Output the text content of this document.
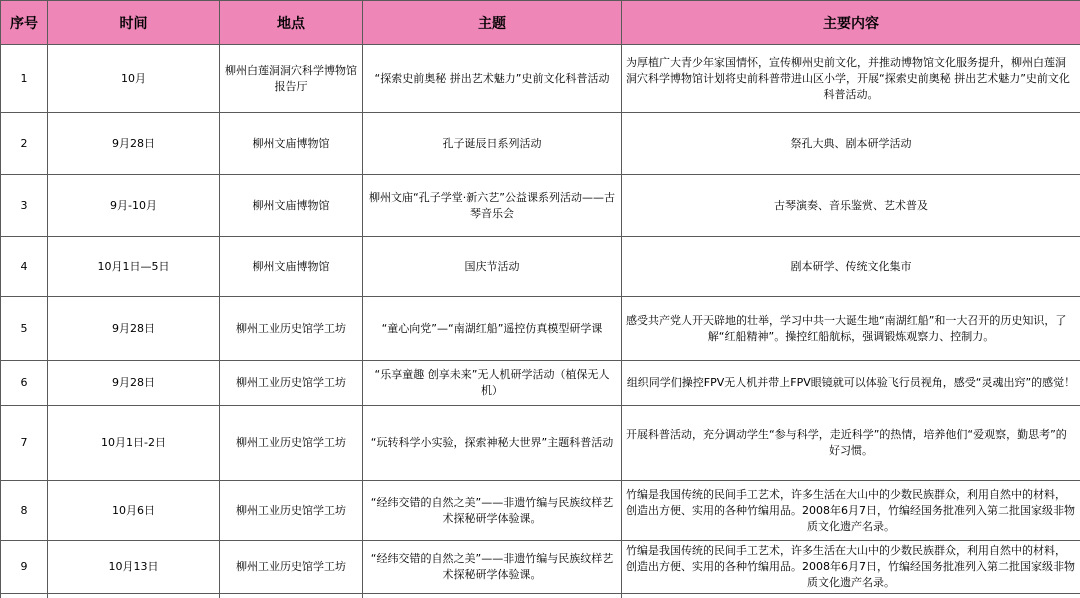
序号	时间	地点	主题	主要内容
1	10月	柳州白莲洞洞穴科学博物馆报告厅	“探索史前奥秘 拼出艺术魅力”史前文化科普活动	为厚植广大青少年家国情怀，宣传柳州史前文化，并推动博物馆文化服务提升，柳州白莲洞洞穴科学博物馆计划将史前科普带进山区小学，开展“探索史前奥秘 拼出艺术魅力”史前文化科普活动。
2	9月28日	柳州文庙博物馆	孔子诞辰日系列活动	祭孔大典、剧本研学活动
3	9月-10月	柳州文庙博物馆	柳州文庙“孔子学堂·新六艺”公益课系列活动——古琴音乐会	古琴演奏、音乐鉴赏、艺术普及
4	10月1日—5日	柳州文庙博物馆	国庆节活动	剧本研学、传统文化集市
5	9月28日	柳州工业历史馆学工坊	“童心向党”—“南湖红船”遥控仿真模型研学课	感受共产党人开天辟地的壮举，学习中共一大诞生地“南湖红船”和一大召开的历史知识，了解“红船精神”。操控红船航标，强调锻炼观察力、控制力。
6	9月28日	柳州工业历史馆学工坊	“乐享童趣 创享未来”无人机研学活动（植保无人机）	组织同学们操控FPV无人机并带上FPV眼镜就可以体验飞行员视角，感受“灵魂出窍”的感觉！
7	10月1日-2日	柳州工业历史馆学工坊	“玩转科学小实验，探索神秘大世界”主题科普活动	开展科普活动，充分调动学生“参与科学，走近科学”的热情，培养他们“爱观察，勤思考”的好习惯。
8	10月6日	柳州工业历史馆学工坊	“经纬交错的自然之美”——非遗竹编与民族纹样艺术探秘研学体验课。	竹编是我国传统的民间手工艺术，许多生活在大山中的少数民族群众，利用自然中的材料，创造出方便、实用的各种竹编用品。2008年6月7日，竹编经国务批准列入第二批国家级非物质文化遗产名录。
9	10月13日	柳州工业历史馆学工坊	“经纬交错的自然之美”——非遗竹编与民族纹样艺术探秘研学体验课。	竹编是我国传统的民间手工艺术，许多生活在大山中的少数民族群众，利用自然中的材料，创造出方便、实用的各种竹编用品。2008年6月7日，竹编经国务批准列入第二批国家级非物质文化遗产名录。
